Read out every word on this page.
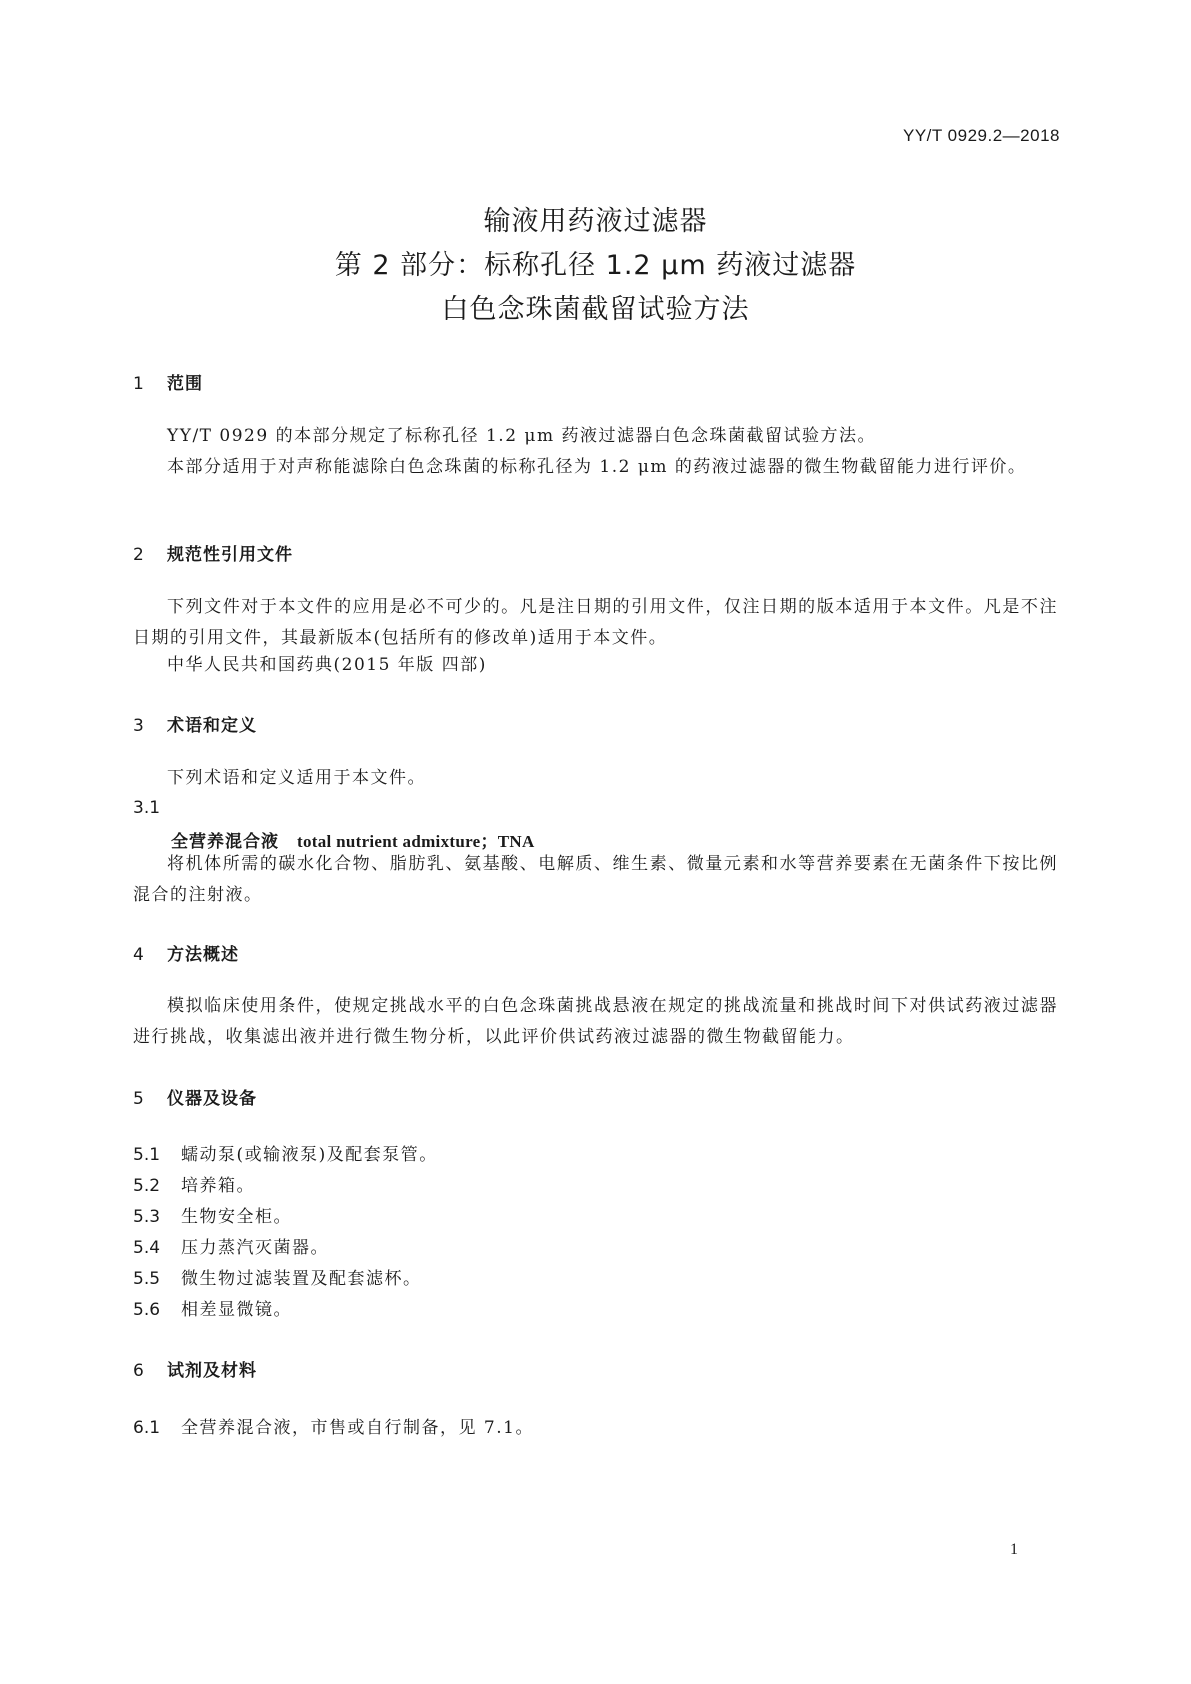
YY/T 0929.2—2018
输液用药液过滤器
第 2 部分：标称孔径 1.2 μm 药液过滤器
白色念珠菌截留试验方法
1 范围
YY/T 0929 的本部分规定了标称孔径 1.2 μm 药液过滤器白色念珠菌截留试验方法。
本部分适用于对声称能滤除白色念珠菌的标称孔径为 1.2 μm 的药液过滤器的微生物截留能力进行评价。
2 规范性引用文件
下列文件对于本文件的应用是必不可少的。凡是注日期的引用文件，仅注日期的版本适用于本文件。凡是不注日期的引用文件，其最新版本(包括所有的修改单)适用于本文件。
中华人民共和国药典(2015 年版 四部)
3 术语和定义
下列术语和定义适用于本文件。
3.1
全营养混合液 total nutrient admixture；TNA
将机体所需的碳水化合物、脂肪乳、氨基酸、电解质、维生素、微量元素和水等营养要素在无菌条件下按比例混合的注射液。
4 方法概述
模拟临床使用条件，使规定挑战水平的白色念珠菌挑战悬液在规定的挑战流量和挑战时间下对供试药液过滤器进行挑战，收集滤出液并进行微生物分析，以此评价供试药液过滤器的微生物截留能力。
5 仪器及设备
5.1 蠕动泵(或输液泵)及配套泵管。
5.2 培养箱。
5.3 生物安全柜。
5.4 压力蒸汽灭菌器。
5.5 微生物过滤装置及配套滤杯。
5.6 相差显微镜。
6 试剂及材料
6.1 全营养混合液，市售或自行制备，见 7.1。
1
